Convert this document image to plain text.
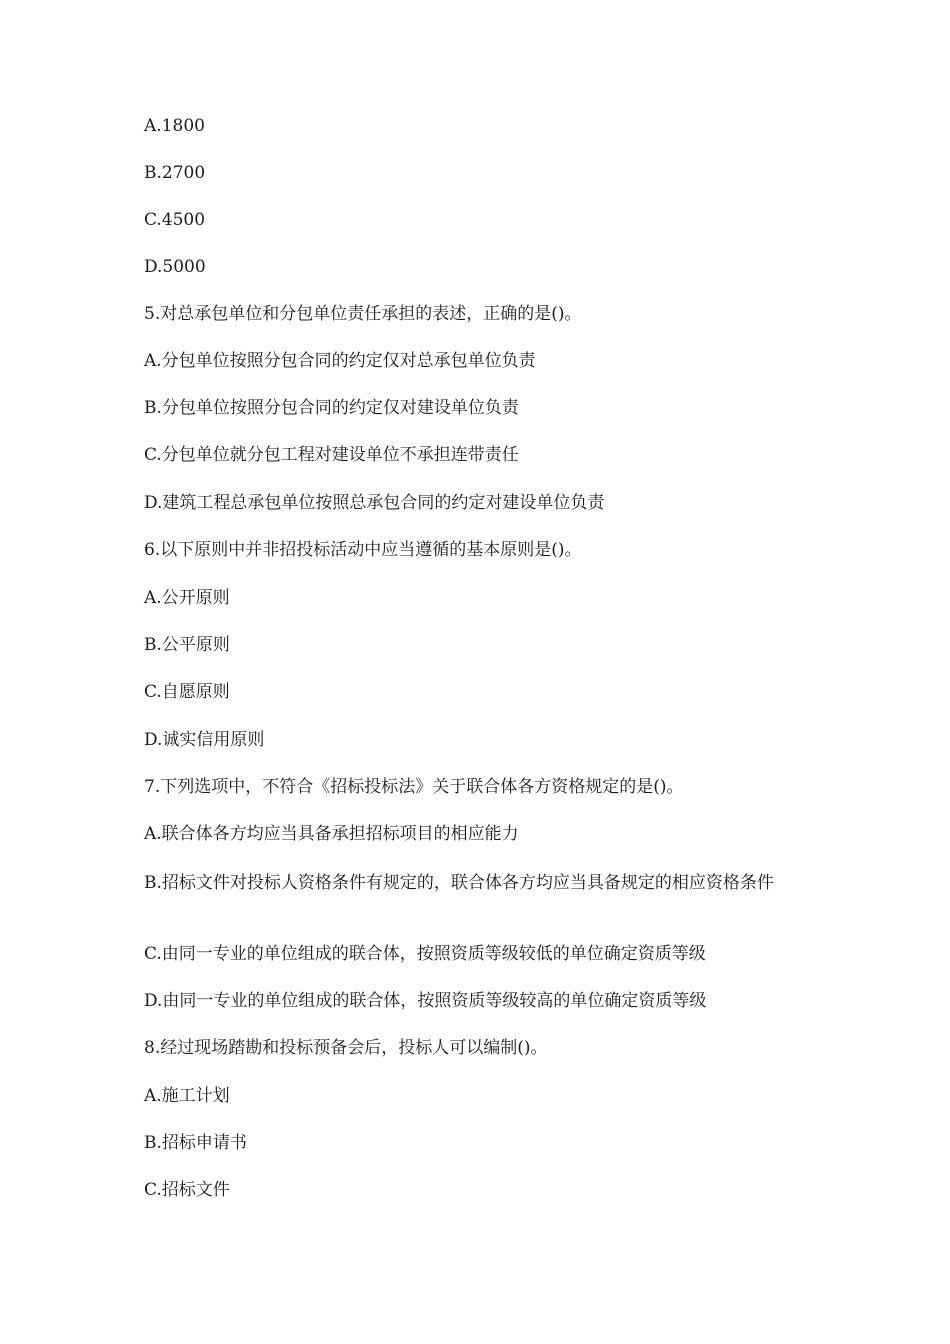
A.1800
B.2700
C.4500
D.5000
5.对总承包单位和分包单位责任承担的表述，正确的是()。
A.分包单位按照分包合同的约定仅对总承包单位负责
B.分包单位按照分包合同的约定仅对建设单位负责
C.分包单位就分包工程对建设单位不承担连带责任
D.建筑工程总承包单位按照总承包合同的约定对建设单位负责
6.以下原则中并非招投标活动中应当遵循的基本原则是()。
A.公开原则
B.公平原则
C.自愿原则
D.诚实信用原则
7.下列选项中，不符合《招标投标法》关于联合体各方资格规定的是()。
A.联合体各方均应当具备承担招标项目的相应能力
B.招标文件对投标人资格条件有规定的，联合体各方均应当具备规定的相应资格条件
C.由同一专业的单位组成的联合体，按照资质等级较低的单位确定资质等级
D.由同一专业的单位组成的联合体，按照资质等级较高的单位确定资质等级
8.经过现场踏勘和投标预备会后，投标人可以编制()。
A.施工计划
B.招标申请书
C.招标文件
